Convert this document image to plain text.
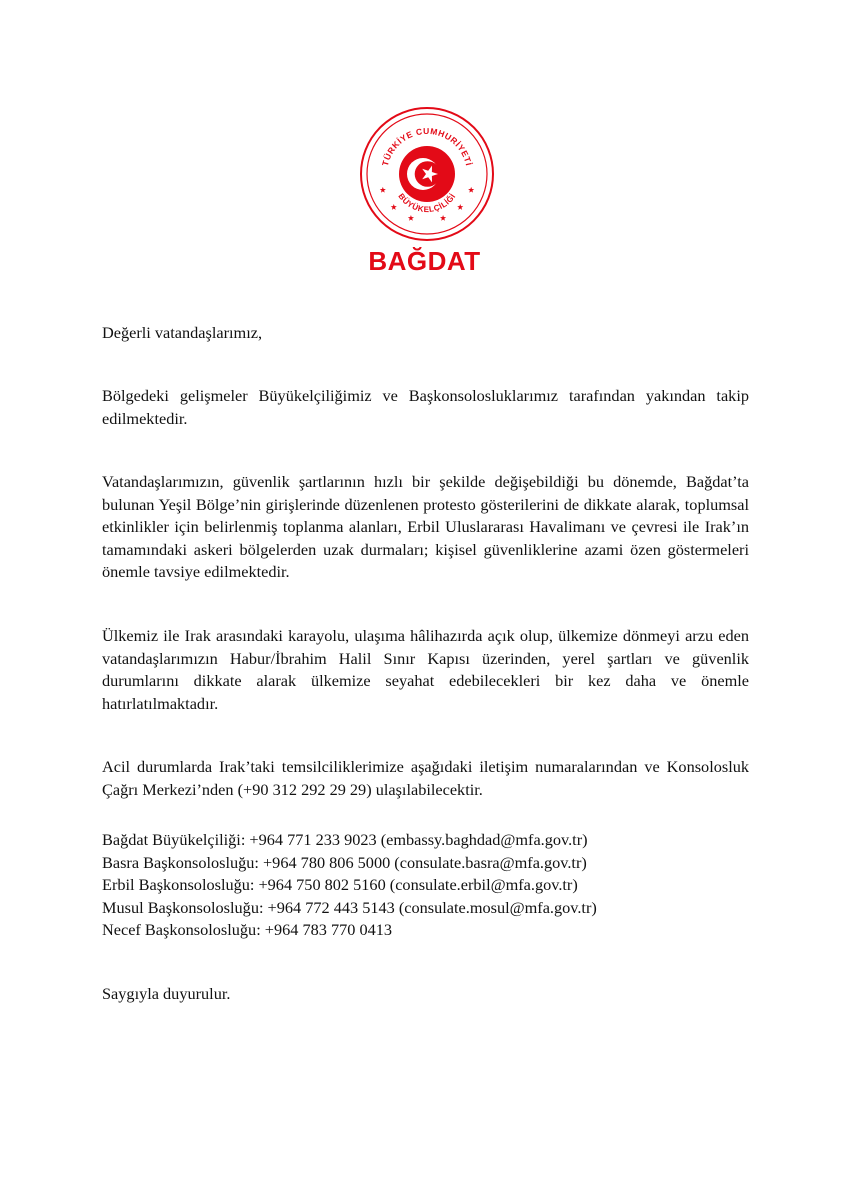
TÜRKİYE CUMHURİYETİ
BÜYÜKELÇİLİĞİ
BAĞDAT
Değerli vatandaşlarımız,

Bölgedeki gelişmeler Büyükelçiliğimiz ve Başkonsolosluklarımız tarafından yakından takip edilmektedir.

Vatandaşlarımızın, güvenlik şartlarının hızlı bir şekilde değişebildiği bu dönemde, Bağdat’ta bulunan Yeşil Bölge’nin girişlerinde düzenlenen protesto gösterilerini de dikkate alarak, toplumsal etkinlikler için belirlenmiş toplanma alanları, Erbil Uluslararası Havalimanı ve çevresi ile Irak’ın tamamındaki askeri bölgelerden uzak durmaları; kişisel güvenliklerine azami özen göstermeleri önemle tavsiye edilmektedir.

Ülkemiz ile Irak arasındaki karayolu, ulaşıma hâlihazırda açık olup, ülkemize dönmeyi arzu eden vatandaşlarımızın Habur/İbrahim Halil Sınır Kapısı üzerinden, yerel şartları ve güvenlik durumlarını dikkate alarak ülkemize seyahat edebilecekleri bir kez daha ve önemle hatırlatılmaktadır.

Acil durumlarda Irak’taki temsilciliklerimize aşağıdaki iletişim numaralarından ve Konsolosluk Çağrı Merkezi’nden (+90 312 292 29 29) ulaşılabilecektir.

Bağdat Büyükelçiliği: +964 771 233 9023 (embassy.baghdad@mfa.gov.tr)
Basra Başkonsolosluğu: +964 780 806 5000 (consulate.basra@mfa.gov.tr)
Erbil Başkonsolosluğu: +964 750 802 5160 (consulate.erbil@mfa.gov.tr)
Musul Başkonsolosluğu: +964 772 443 5143 (consulate.mosul@mfa.gov.tr)
Necef Başkonsolosluğu: +964 783 770 0413
Saygıyla duyurulur.
